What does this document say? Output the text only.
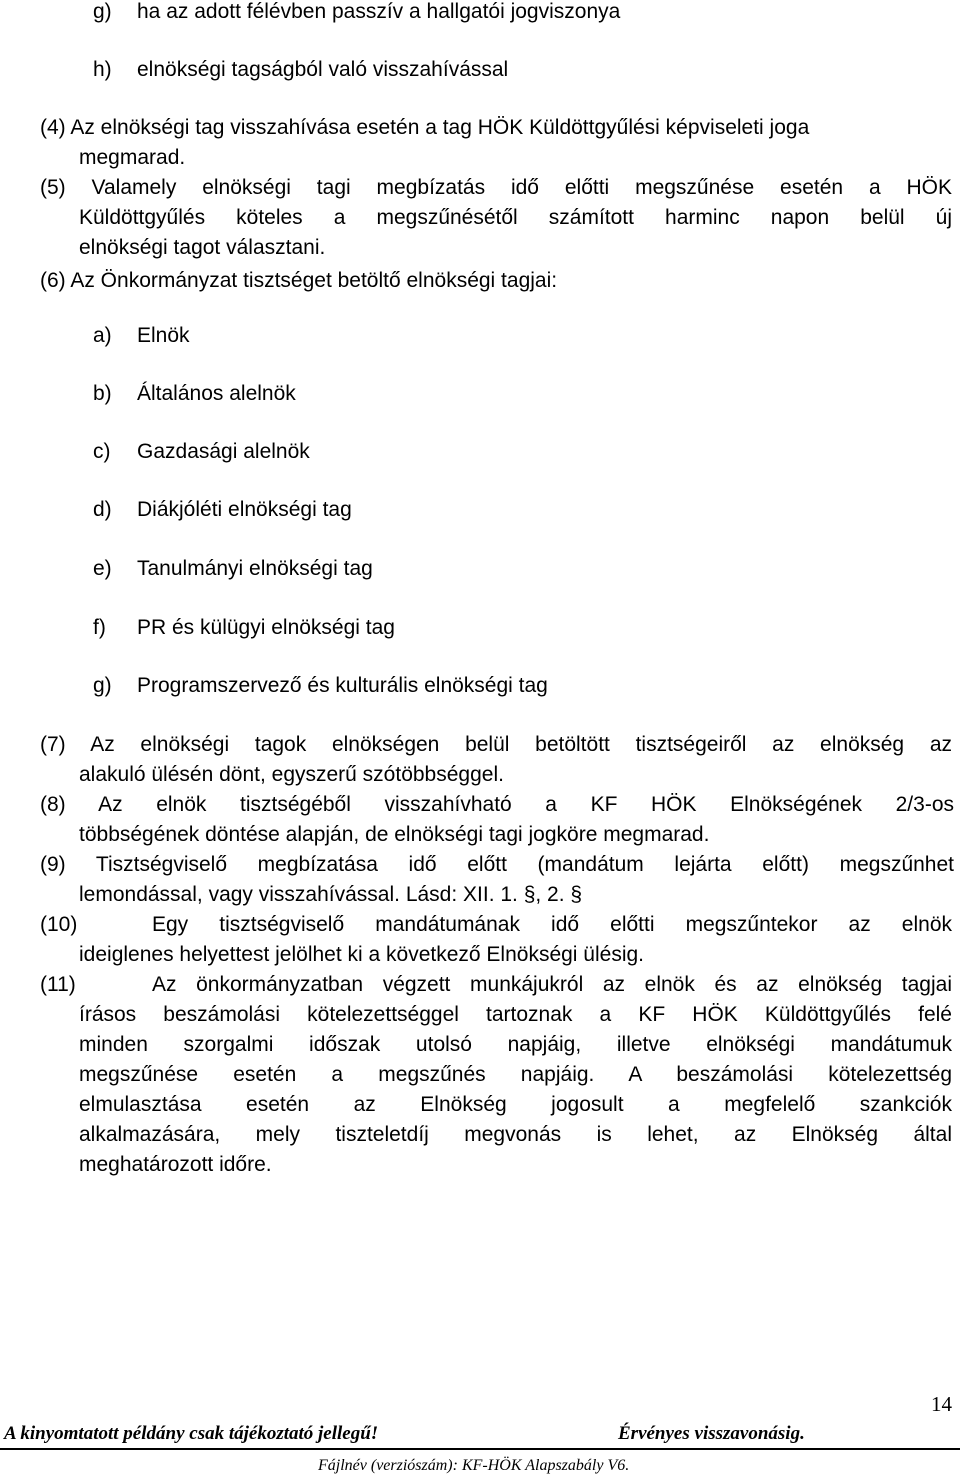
g) ha az adott félévben passzív a hallgatói jogviszonya
h) elnökségi tagságból való visszahívással
(4) Az elnökségi tag visszahívása esetén a tag HÖK Küldöttgyűlési képviseleti joga
megmarad.
(5) Valamely elnökségi tagi megbízatás idő előtti megszűnése esetén a HÖK
Küldöttgyűlés köteles a megszűnésétől számított harminc napon belül új
elnökségi tagot választani.
(6) Az Önkormányzat tisztséget betöltő elnökségi tagjai:
a) Elnök
b) Általános alelnök
c) Gazdasági alelnök
d) Diákjóléti elnökségi tag
e) Tanulmányi elnökségi tag
f) PR és külügyi elnökségi tag
g) Programszervező és kulturális elnökségi tag
(7) Az elnökségi tagok elnökségen belül betöltött tisztségeiről az elnökség az
alakuló ülésén dönt, egyszerű szótöbbséggel.
(8) Az elnök tisztségéből visszahívható a KF HÖK Elnökségének 2/3-os
többségének döntése alapján, de elnökségi tagi jogköre megmarad.
(9) Tisztségviselő megbízatása idő előtt (mandátum lejárta előtt) megszűnhet
lemondással, vagy visszahívással. Lásd: XII. 1. §, 2. §
(10)	Egy tisztségviselő mandátumának idő előtti megszűntekor az elnök
ideiglenes helyettest jelölhet ki a következő Elnökségi ülésig.
(11)	Az önkormányzatban végzett munkájukról az elnök és az elnökség tagjai
írásos beszámolási kötelezettséggel tartoznak a KF HÖK Küldöttgyűlés felé
minden szorgalmi időszak utolsó napjáig, illetve elnökségi mandátumuk
megszűnése esetén a megszűnés napjáig. A beszámolási kötelezettség
elmulasztása esetén az Elnökség jogosult a megfelelő szankciók
alkalmazására, mely tiszteletdíj megvonás is lehet, az Elnökség által
meghatározott időre.
14
A kinyomtatott példány csak tájékoztató jellegű!	Érvényes visszavonásig.
Fájlnév (verziószám): KF-HÖK Alapszabály V6.
